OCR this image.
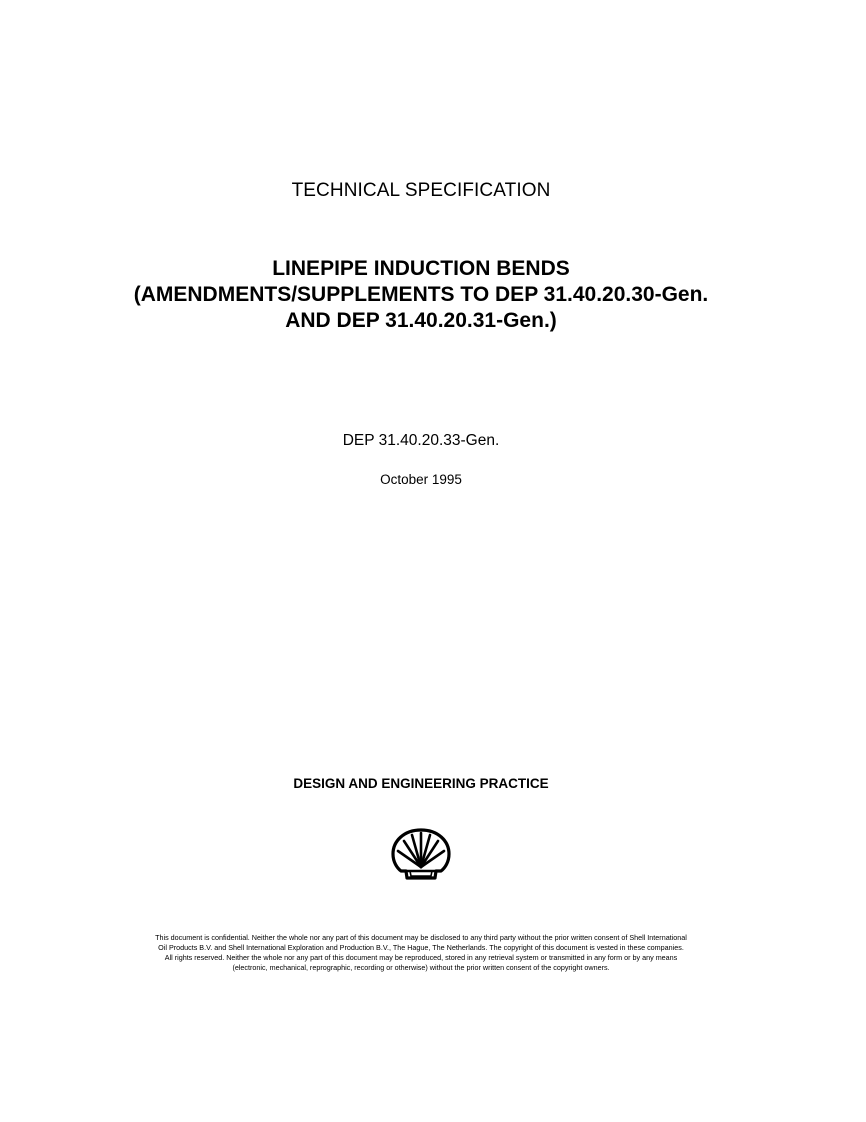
TECHNICAL SPECIFICATION
LINEPIPE INDUCTION BENDS
(AMENDMENTS/SUPPLEMENTS TO DEP 31.40.20.30-Gen.
AND DEP 31.40.20.31-Gen.)
DEP 31.40.20.33-Gen.
October 1995
DESIGN AND ENGINEERING PRACTICE
This document is confidential. Neither the whole nor any part of this document may be disclosed to any third party without the prior written consent of Shell International
Oil Products B.V. and Shell International Exploration and Production B.V., The Hague, The Netherlands. The copyright of this document is vested in these companies.
All rights reserved. Neither the whole nor any part of this document may be reproduced, stored in any retrieval system or transmitted in any form or by any means
(electronic, mechanical, reprographic, recording or otherwise) without the prior written consent of the copyright owners.
